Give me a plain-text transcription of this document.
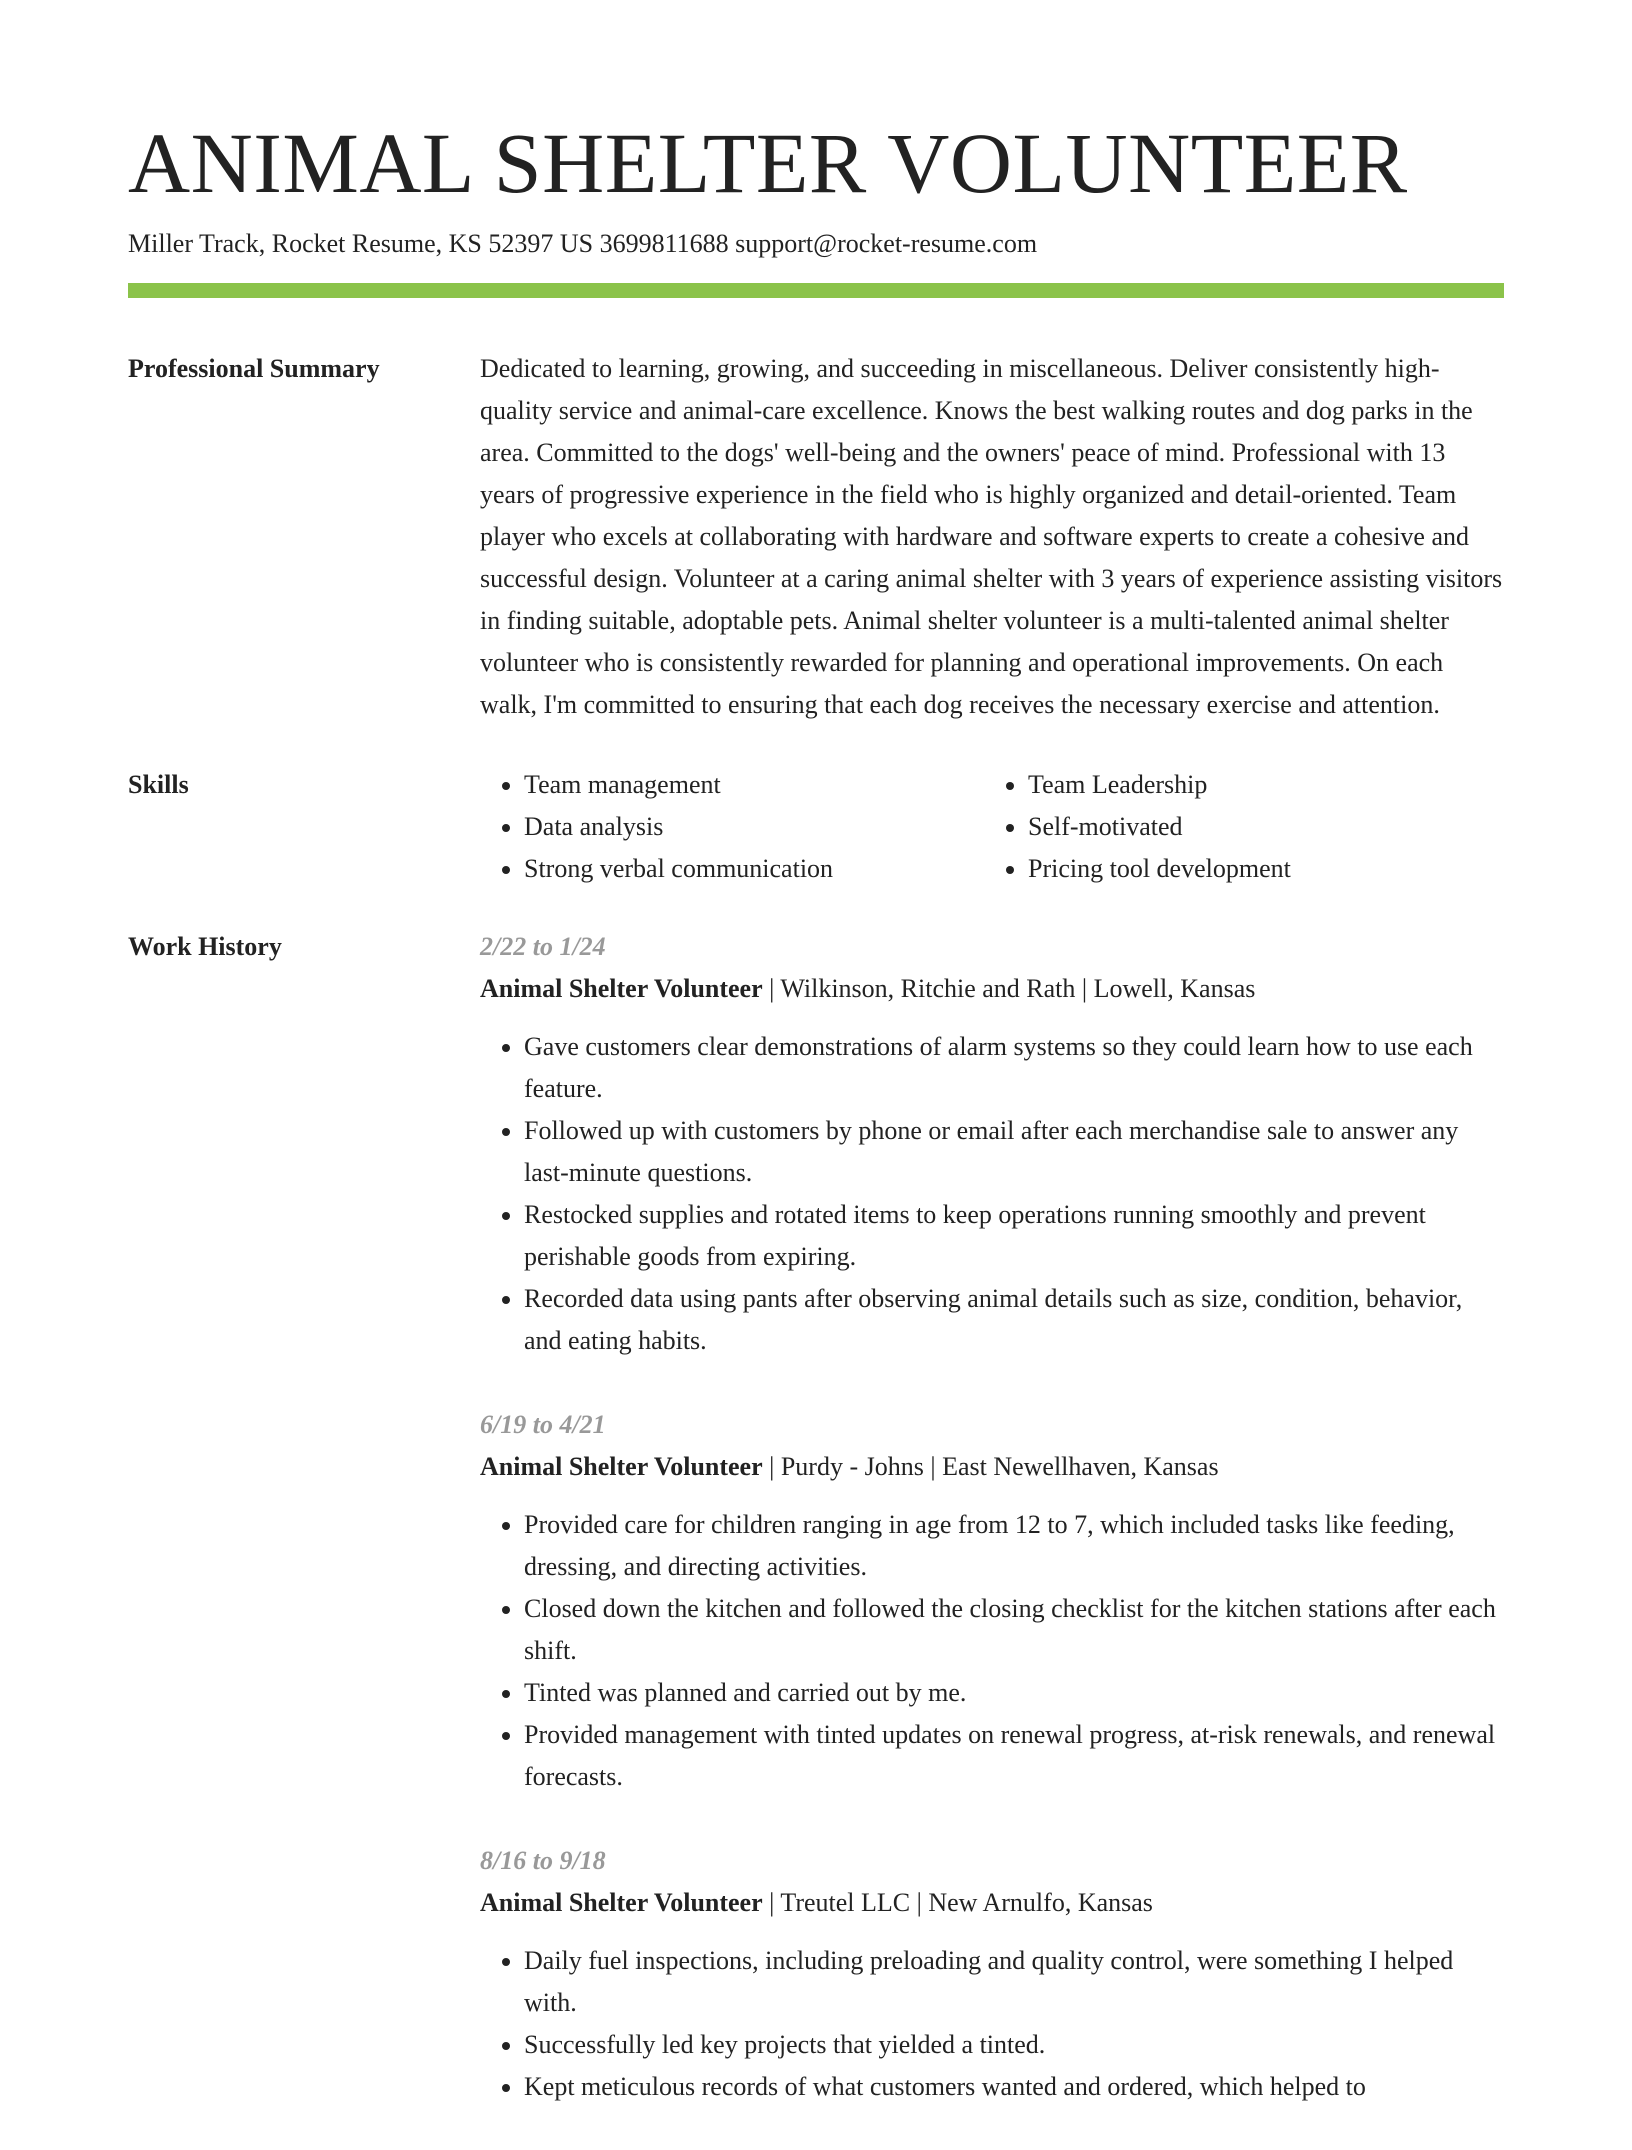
ANIMAL SHELTER VOLUNTEER
Miller Track, Rocket Resume, KS 52397 US 3699811688 support@rocket-resume.com
Professional Summary	Dedicated to learning, growing, and succeeding in miscellaneous. Deliver consistently high-quality service and animal-care excellence. Knows the best walking routes and dog parks in the area. Committed to the dogs' well-being and the owners' peace of mind. Professional with 13 years of progressive experience in the field who is highly organized and detail-oriented. Team player who excels at collaborating with hardware and software experts to create a cohesive and successful design. Volunteer at a caring animal shelter with 3 years of experience assisting visitors in finding suitable, adoptable pets. Animal shelter volunteer is a multi-talented animal shelter volunteer who is consistently rewarded for planning and operational improvements. On each walk, I'm committed to ensuring that each dog receives the necessary exercise and attention.

Skills
•	Team management
• Data analysis
• Strong verbal communication
• Team Leadership
• Self-motivated
• Pricing tool development
Work History	2/22 to 1/24
Animal Shelter Volunteer | Wilkinson, Ritchie and Rath | Lowell, Kansas
• Gave customers clear demonstrations of alarm systems so they could learn how to use each feature.
• Followed up with customers by phone or email after each merchandise sale to answer any last-minute questions.
• Restocked supplies and rotated items to keep operations running smoothly and prevent perishable goods from expiring.
• Recorded data using pants after observing animal details such as size, condition, behavior, and eating habits.
6/19 to 4/21
Animal Shelter Volunteer | Purdy - Johns | East Newellhaven, Kansas
• Provided care for children ranging in age from 12 to 7, which included tasks like feeding, dressing, and directing activities.
• Closed down the kitchen and followed the closing checklist for the kitchen stations after each shift.
• Tinted was planned and carried out by me.
• Provided management with tinted updates on renewal progress, at-risk renewals, and renewal forecasts.
8/16 to 9/18
Animal Shelter Volunteer | Treutel LLC | New Arnulfo, Kansas
• Daily fuel inspections, including preloading and quality control, were something I helped with.
• Successfully led key projects that yielded a tinted.
• Kept meticulous records of what customers wanted and ordered, which helped to
